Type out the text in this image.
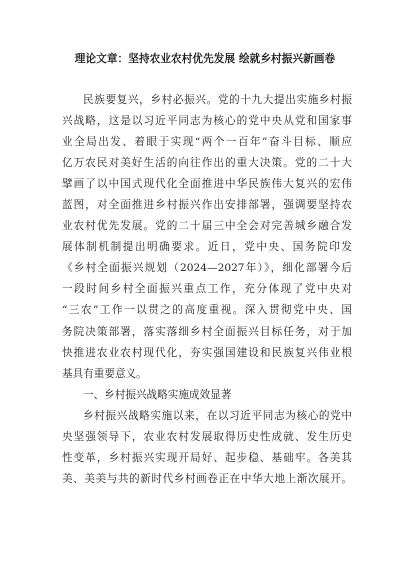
理论文章：坚持农业农村优先发展 绘就乡村振兴新画卷
民族要复兴，乡村必振兴。党的十九大提出实施乡村振
兴战略，这是以习近平同志为核心的党中央从党和国家事
业全局出发、着眼于实现“两个一百年”奋斗目标、顺应
亿万农民对美好生活的向往作出的重大决策。党的二十大
擘画了以中国式现代化全面推进中华民族伟大复兴的宏伟
蓝图，对全面推进乡村振兴作出安排部署，强调要坚持农
业农村优先发展。党的二十届三中全会对完善城乡融合发
展体制机制提出明确要求。近日，党中央、国务院印发
《乡村全面振兴规划（2024—2027年）》，细化部署今后
一段时间乡村全面振兴重点工作，充分体现了党中央对
“三农”工作一以贯之的高度重视。深入贯彻党中央、国
务院决策部署，落实落细乡村全面振兴目标任务，对于加
快推进农业农村现代化，夯实强国建设和民族复兴伟业根
基具有重要意义。
一、乡村振兴战略实施成效显著
乡村振兴战略实施以来，在以习近平同志为核心的党中
央坚强领导下，农业农村发展取得历史性成就、发生历史
性变革，乡村振兴实现开局好、起步稳、基础牢。各美其
美、美美与共的新时代乡村画卷正在中华大地上渐次展开。
